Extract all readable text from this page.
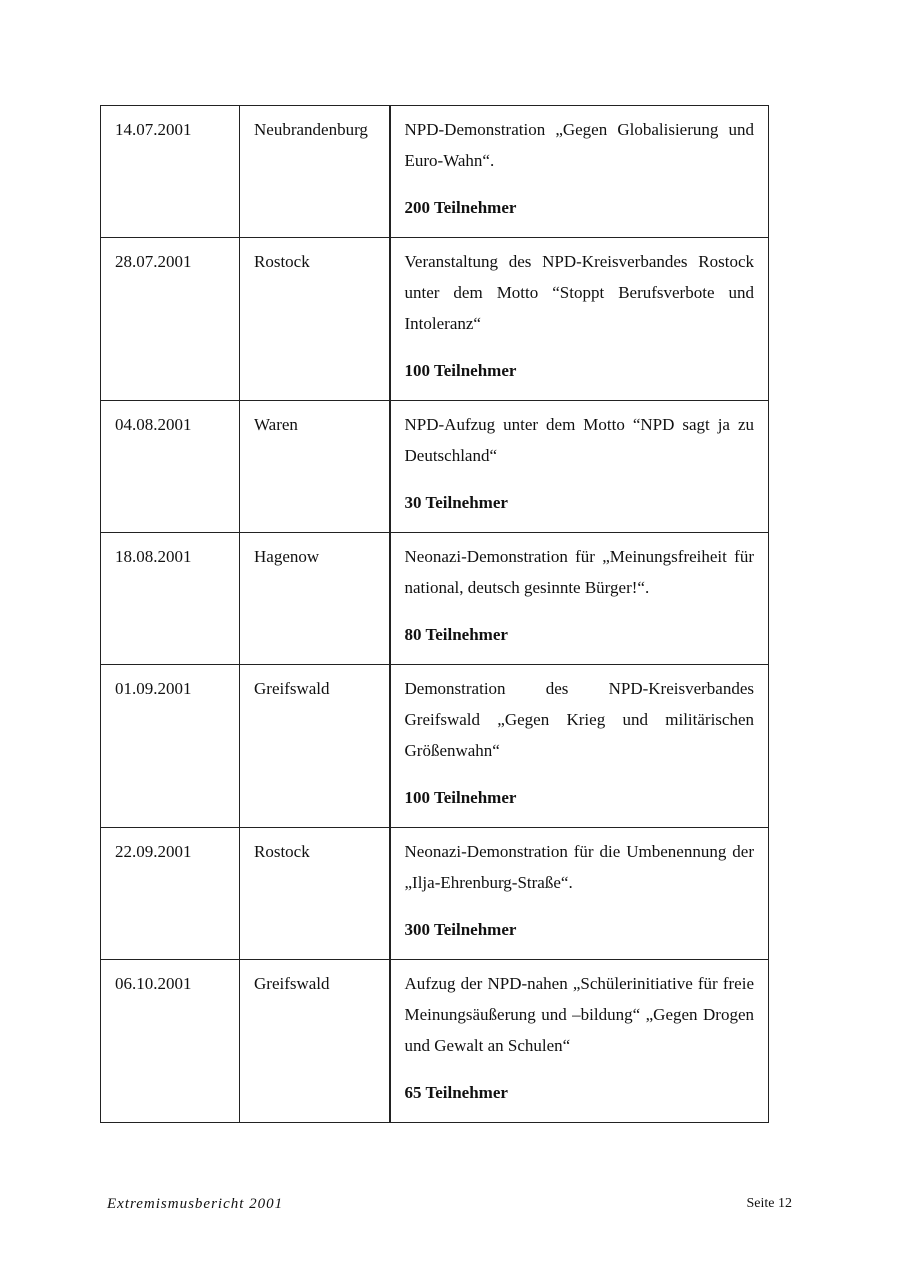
14.07.2001	Neubrandenburg	NPD-Demonstration „Gegen Globalisierung und Euro-Wahn“.
200 Teilnehmer

28.07.2001	Rostock	Veranstaltung des NPD-Kreisverbandes Rostock unter dem Motto “Stoppt Berufsverbote und Intoleranz“
100 Teilnehmer

04.08.2001	Waren	NPD-Aufzug unter dem Motto “NPD sagt ja zu Deutschland“
30 Teilnehmer

18.08.2001	Hagenow	Neonazi-Demonstration für „Meinungsfreiheit für national, deutsch gesinnte Bürger!“.
80 Teilnehmer

01.09.2001	Greifswald	Demonstration des NPD-Kreisverbandes Greifswald „Gegen Krieg und militärischen Größenwahn“
100 Teilnehmer

22.09.2001	Rostock	Neonazi-Demonstration für die Umbenennung der „Ilja-Ehrenburg-Straße“.
300 Teilnehmer

06.10.2001	Greifswald	Aufzug der NPD-nahen „Schülerinitiative für freie Meinungsäußerung und –bildung“ „Gegen Drogen und Gewalt an Schulen“
65 Teilnehmer
Extremismusbericht 2001	Seite 12
